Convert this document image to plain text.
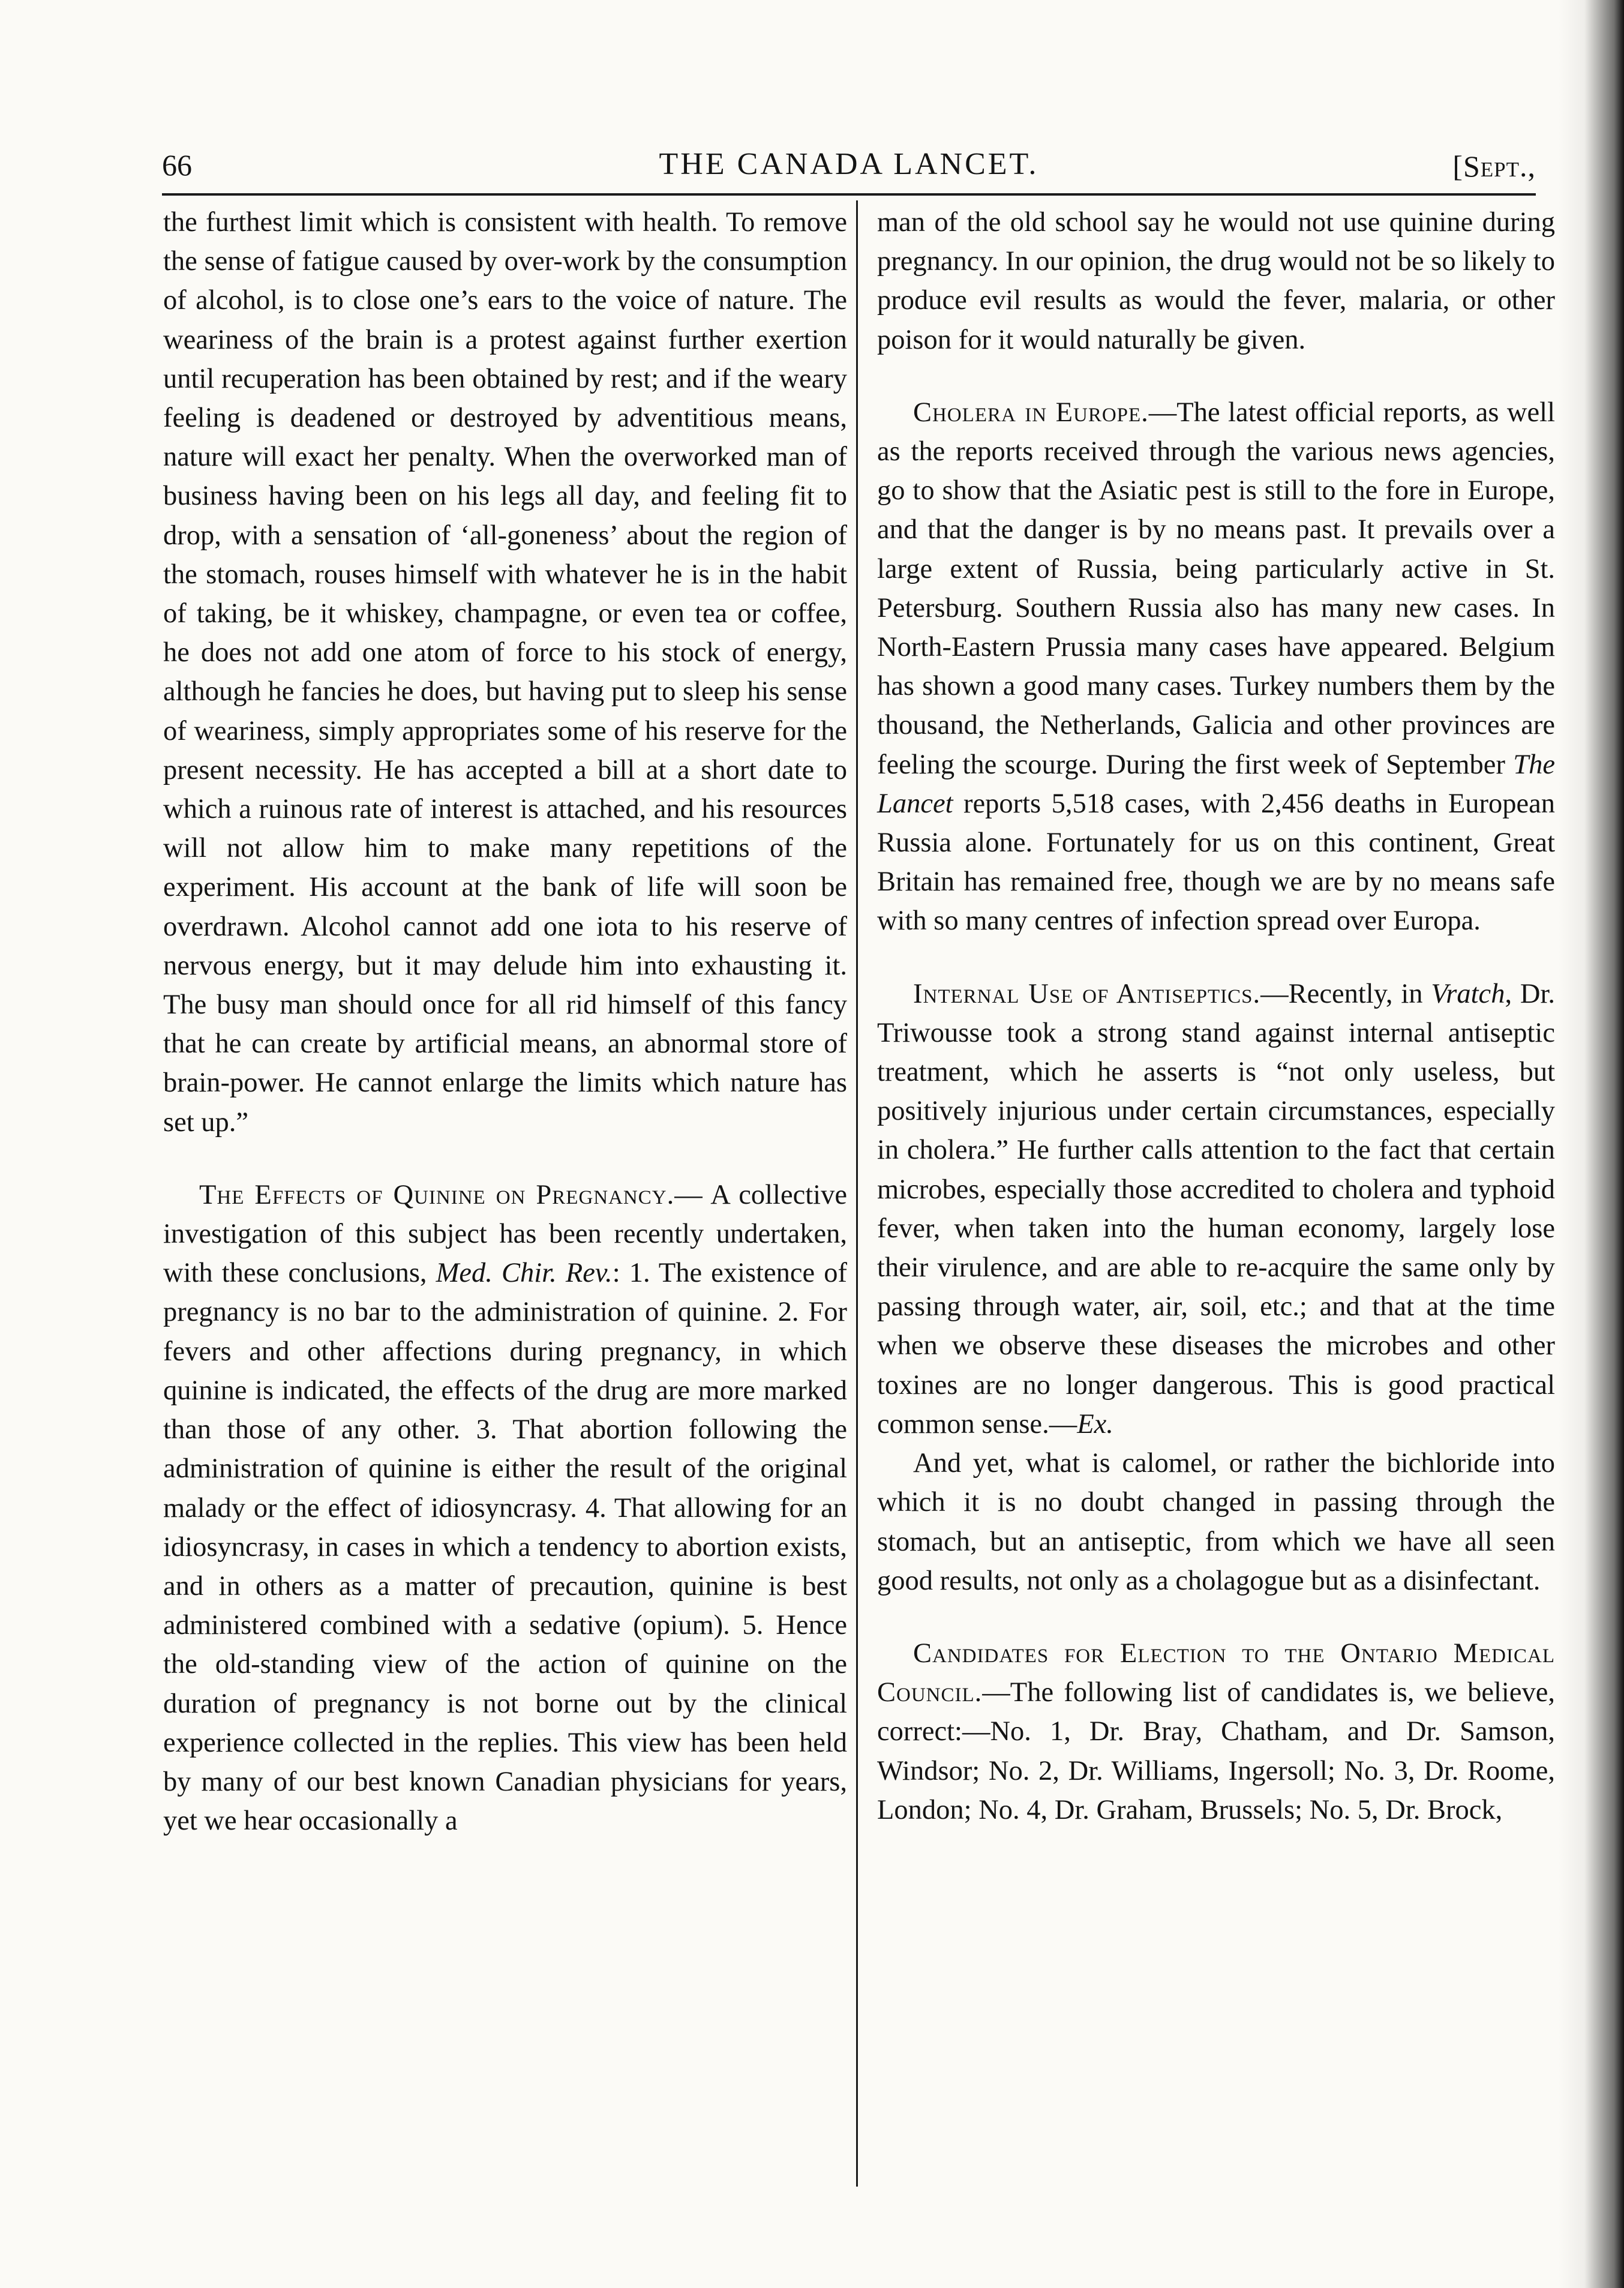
66	THE CANADA LANCET.	[Sept.,

the furthest limit which is consistent with health. To remove the sense of fatigue caused by over-work by the consumption of alcohol, is to close one’s ears to the voice of nature. The weariness of the brain is a protest against further exertion until recuperation has been obtained by rest; and if the weary feeling is deadened or destroyed by adventitious means, nature will exact her penalty. When the overworked man of business having been on his legs all day, and feeling fit to drop, with a sensation of ‘all-goneness’ about the region of the stomach, rouses himself with whatever he is in the habit of taking, be it whiskey, champagne, or even tea or coffee, he does not add one atom of force to his stock of energy, although he fancies he does, but having put to sleep his sense of weariness, simply appropriates some of his reserve for the present necessity. He has accepted a bill at a short date to which a ruinous rate of interest is attached, and his resources will not allow him to make many repetitions of the experiment. His account at the bank of life will soon be overdrawn. Alcohol cannot add one iota to his reserve of nervous energy, but it may delude him into exhausting it. The busy man should once for all rid himself of this fancy that he can create by artificial means, an abnormal store of brain-power. He cannot enlarge the limits which nature has set up.”

The Effects of Quinine on Pregnancy.— A collective investigation of this subject has been recently undertaken, with these conclusions, Med. Chir. Rev.: 1. The existence of pregnancy is no bar to the administration of quinine. 2. For fevers and other affections during pregnancy, in which quinine is indicated, the effects of the drug are more marked than those of any other. 3. That abortion following the administration of quinine is either the result of the original malady or the effect of idiosyncrasy. 4. That allowing for an idiosyncrasy, in cases in which a tendency to abortion exists, and in others as a matter of precaution, quinine is best administered combined with a sedative (opium). 5. Hence the old-standing view of the action of quinine on the duration of pregnancy is not borne out by the clinical experience collected in the replies. This view has been held by many of our best known Canadian physicians for years, yet we hear occasionally a

man of the old school say he would not use quinine during pregnancy. In our opinion, the drug would not be so likely to produce evil results as would the fever, malaria, or other poison for it would naturally be given.

Cholera in Europe.—The latest official reports, as well as the reports received through the various news agencies, go to show that the Asiatic pest is still to the fore in Europe, and that the danger is by no means past. It prevails over a large extent of Russia, being particularly active in St. Petersburg. Southern Russia also has many new cases. In North-Eastern Prussia many cases have appeared. Belgium has shown a good many cases. Turkey numbers them by the thousand, the Netherlands, Galicia and other provinces are feeling the scourge. During the first week of September The Lancet reports 5,518 cases, with 2,456 deaths in European Russia alone. Fortunately for us on this continent, Great Britain has remained free, though we are by no means safe with so many centres of infection spread over Europa.

Internal Use of Antiseptics.—Recently, in Vratch, Dr. Triwousse took a strong stand against internal antiseptic treatment, which he asserts is “not only useless, but positively injurious under certain circumstances, especially in cholera.” He further calls attention to the fact that certain microbes, especially those accredited to cholera and typhoid fever, when taken into the human economy, largely lose their virulence, and are able to re-acquire the same only by passing through water, air, soil, etc.; and that at the time when we observe these diseases the microbes and other toxines are no longer dangerous. This is good practical common sense.—Ex.

And yet, what is calomel, or rather the bichloride into which it is no doubt changed in passing through the stomach, but an antiseptic, from which we have all seen good results, not only as a cholagogue but as a disinfectant.

Candidates for Election to the Ontario Medical Council.—The following list of candidates is, we believe, correct:—No. 1, Dr. Bray, Chatham, and Dr. Samson, Windsor; No. 2, Dr. Williams, Ingersoll; No. 3, Dr. Roome, London; No. 4, Dr. Graham, Brussels; No. 5, Dr. Brock,
